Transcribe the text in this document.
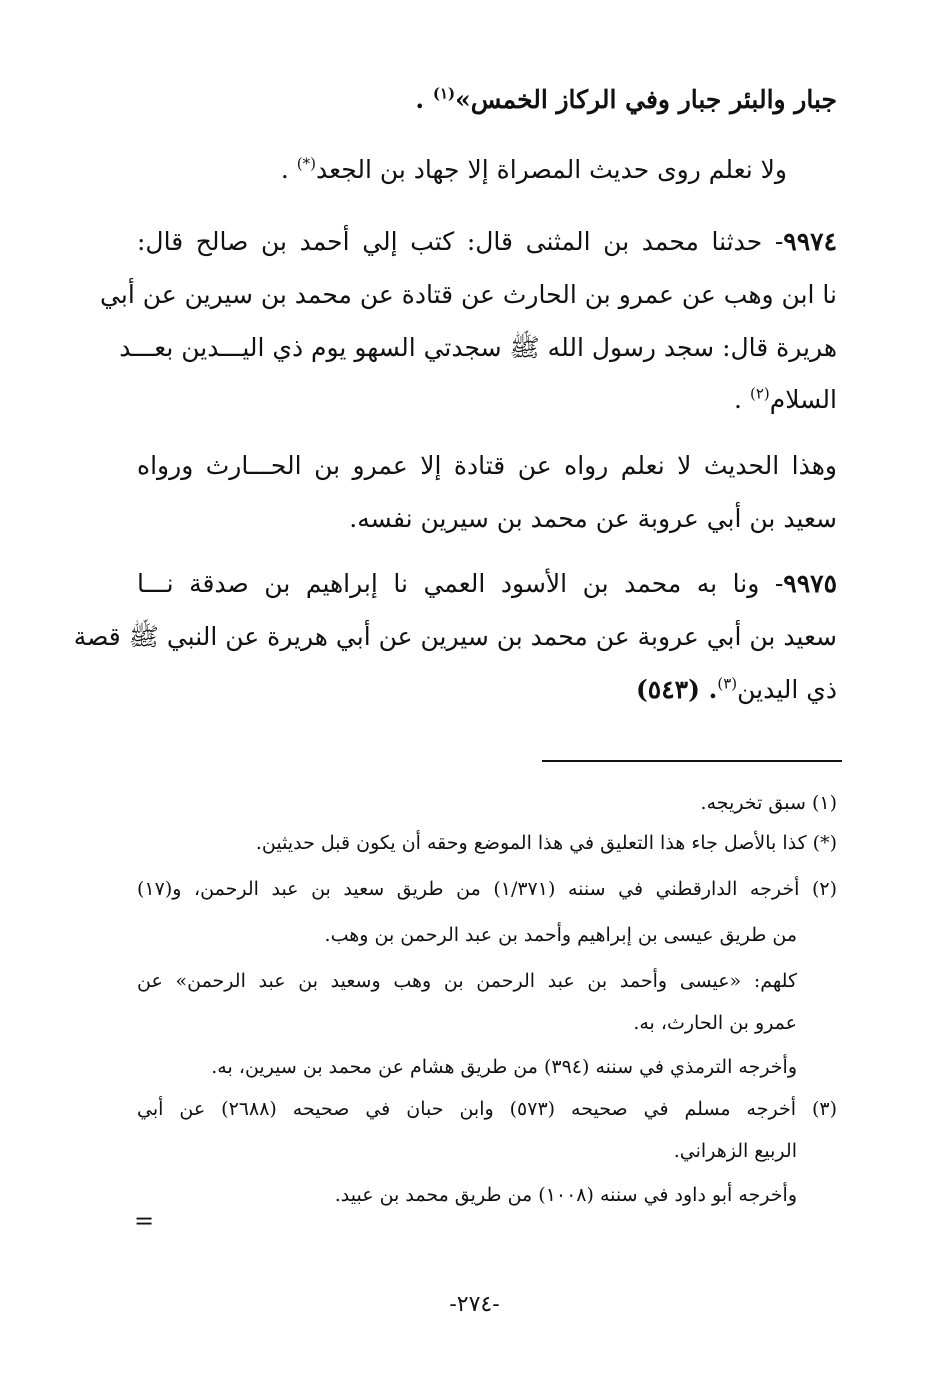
جبار والبئر جبار وفي الركاز الخمس»$^{(١)}$ .
ولا نعلم روى حديث المصراة إلا جهاد بن الجعد(*) .
٩٩٧٤- حدثنا محمد بن المثنى قال: كتب إلي أحمد بن صالح قال:
نا ابن وهب عن عمرو بن الحارث عن قتادة عن محمد بن سيرين عن أبي
هريرة قال: سجد رسول الله ﷺ سجدتي السهو يوم ذي اليـــدين بعـــد
السلام$^{(٢)}$ .
وهذا الحديث لا نعلم رواه عن قتادة إلا عمرو بن الحـــارث ورواه
سعيد بن أبي عروبة عن محمد بن سيرين نفسه.
٩٩٧٥- ونا به محمد بن الأسود العمي نا إبراهيم بن صدقة نـــا
سعيد بن أبي عروبة عن محمد بن سيرين عن أبي هريرة عن النبي ﷺ قصة
ذي اليدين$^{(٣)}$. (٥٤٣)
(١) سبق تخريجه.
(*) كذا بالأصل جاء هذا التعليق في هذا الموضع وحقه أن يكون قبل حديثين.
(٢) أخرجه الدارقطني في سننه (١/٣٧١) من طريق سعيد بن عبد الرحمن، و(١٧)
من طريق عيسى بن إبراهيم وأحمد بن عبد الرحمن بن وهب.
كلهم: «عيسى وأحمد بن عبد الرحمن بن وهب وسعيد بن عبد الرحمن» عن
عمرو بن الحارث، به.
وأخرجه الترمذي في سننه (٣٩٤) من طريق هشام عن محمد بن سيرين، به.
(٣) أخرجه مسلم في صحيحه (٥٧٣) وابن حبان في صحيحه (٢٦٨٨) عن أبي
الربيع الزهراني.
وأخرجه أبو داود في سننه (١٠٠٨) من طريق محمد بن عبيد.
=
-٢٧٤-
